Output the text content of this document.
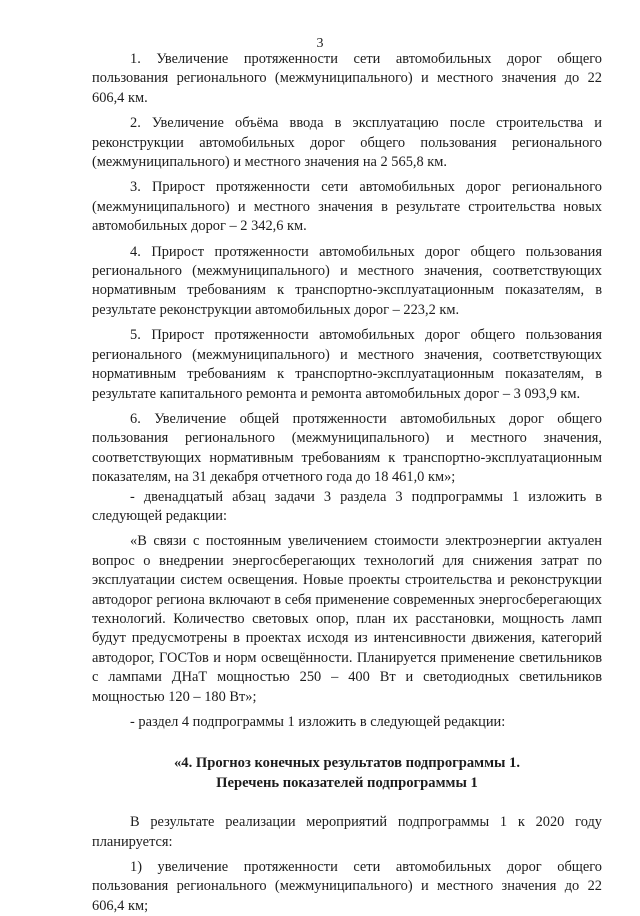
3

1. Увеличение протяженности сети автомобильных дорог общего пользования регионального (межмуниципального) и местного значения до 22 606,4 км.

2. Увеличение объёма ввода в эксплуатацию после строительства и реконструкции автомобильных дорог общего пользования регионального (межмуниципального) и местного значения на 2 565,8 км.

3. Прирост протяженности сети автомобильных дорог регионального (межмуниципального) и местного значения в результате строительства новых автомобильных дорог – 2 342,6 км.

4. Прирост протяженности автомобильных дорог общего пользования регионального (межмуниципального) и местного значения, соответствующих нормативным требованиям к транспортно-эксплуатационным показателям, в результате реконструкции автомобильных дорог – 223,2 км.

5. Прирост протяженности автомобильных дорог общего пользования регионального (межмуниципального) и местного значения, соответствующих нормативным требованиям к транспортно-эксплуатационным показателям, в результате капитального ремонта и ремонта автомобильных дорог – 3 093,9 км.

6. Увеличение общей протяженности автомобильных дорог общего пользования регионального (межмуниципального) и местного значения, соответствующих нормативным требованиям к транспортно-эксплуатационным показателям, на 31 декабря отчетного года до 18 461,0 км»;

- двенадцатый абзац задачи 3 раздела 3 подпрограммы 1 изложить в следующей редакции:

«В связи с постоянным увеличением стоимости электроэнергии актуален вопрос о внедрении энергосберегающих технологий для снижения затрат по эксплуатации систем освещения. Новые проекты строительства и реконструкции автодорог региона включают в себя применение современных энергосберегающих технологий. Количество световых опор, план их расстановки, мощность ламп будут предусмотрены в проектах исходя из интенсивности движения, категорий автодорог, ГОСТов и норм освещённости. Планируется применение светильников с лампами ДНаТ мощностью 250 – 400 Вт и светодиодных светильников мощностью 120 – 180 Вт»;

- раздел 4 подпрограммы 1 изложить в следующей редакции:

«4. Прогноз конечных результатов подпрограммы 1.
Перечень показателей подпрограммы 1

В результате реализации мероприятий подпрограммы 1 к 2020 году планируется:

1) увеличение протяженности сети автомобильных дорог общего пользования регионального (межмуниципального) и местного значения до 22 606,4 км;
